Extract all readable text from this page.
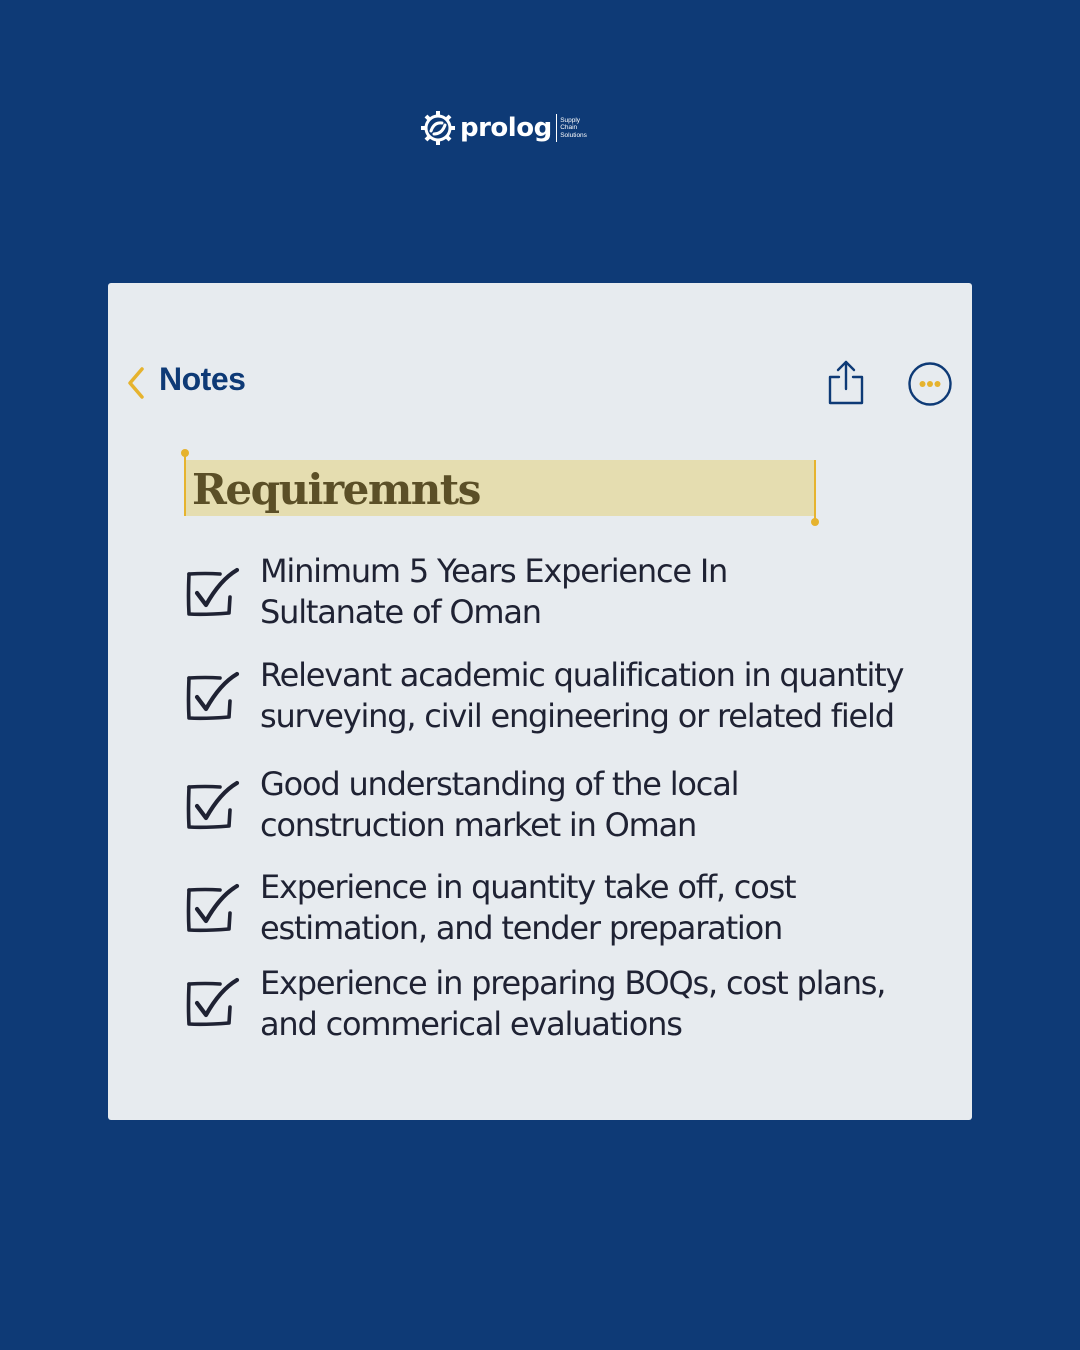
prolog Supply
Chain
Solutions
Notes
Requiremnts
Minimum 5 Years Experience In
Sultanate of Oman
Relevant academic qualification in quantity
surveying, civil engineering or related field
Good understanding of the local
construction market in Oman
Experience in quantity take off, cost
estimation, and tender preparation
Experience in preparing BOQs, cost plans,
and commerical evaluations
